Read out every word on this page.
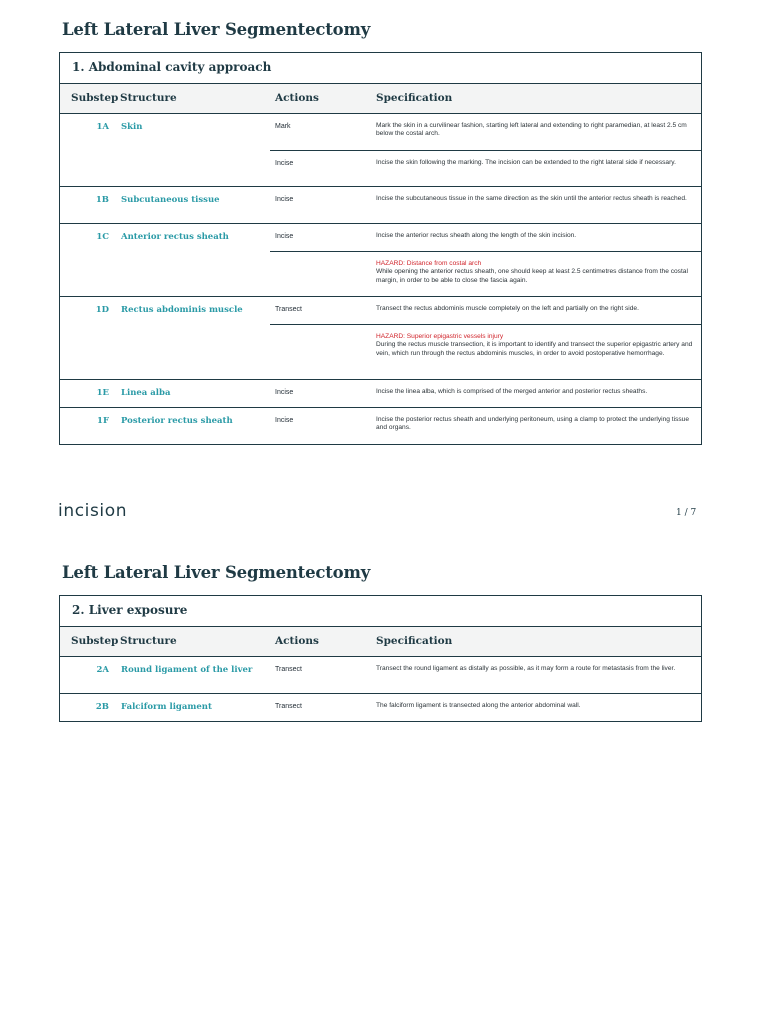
Left Lateral Liver Segmentectomy
1. Abdominal cavity approach
Substep Structure	Actions	Specification
1A	Skin	Mark	Mark the skin in a curvilinear fashion, starting left lateral and extending to right paramedian, at least 2.5 cm below the costal arch.
Incise	Incise the skin following the marking. The incision can be extended to the right lateral side if necessary.
1B	Subcutaneous tissue	Incise	Incise the subcutaneous tissue in the same direction as the skin until the anterior rectus sheath is reached.
1C	Anterior rectus sheath	Incise	Incise the anterior rectus sheath along the length of the skin incision.
HAZARD: Distance from costal arch
While opening the anterior rectus sheath, one should keep at least 2.5 centimetres distance from the costal margin, in order to be able to close the fascia again.
1D	Rectus abdominis muscle	Transect	Transect the rectus abdominis muscle completely on the left and partially on the right side.
HAZARD: Superior epigastric vessels injury
During the rectus muscle transection, it is important to identify and transect the superior epigastric artery and vein, which run through the rectus abdominis muscles, in order to avoid postoperative hemorrhage.
1E	Linea alba	Incise	Incise the linea alba, which is comprised of the merged anterior and posterior rectus sheaths.
1F	Posterior rectus sheath	Incise	Incise the posterior rectus sheath and underlying peritoneum, using a clamp to protect the underlying tissue and organs.
incision	1 / 7
Left Lateral Liver Segmentectomy
2. Liver exposure
Substep Structure	Actions	Specification
2A	Round ligament of the liver	Transect	Transect the round ligament as distally as possible, as it may form a route for metastasis from the liver.
2B	Falciform ligament	Transect	The falciform ligament is transected along the anterior abdominal wall.
